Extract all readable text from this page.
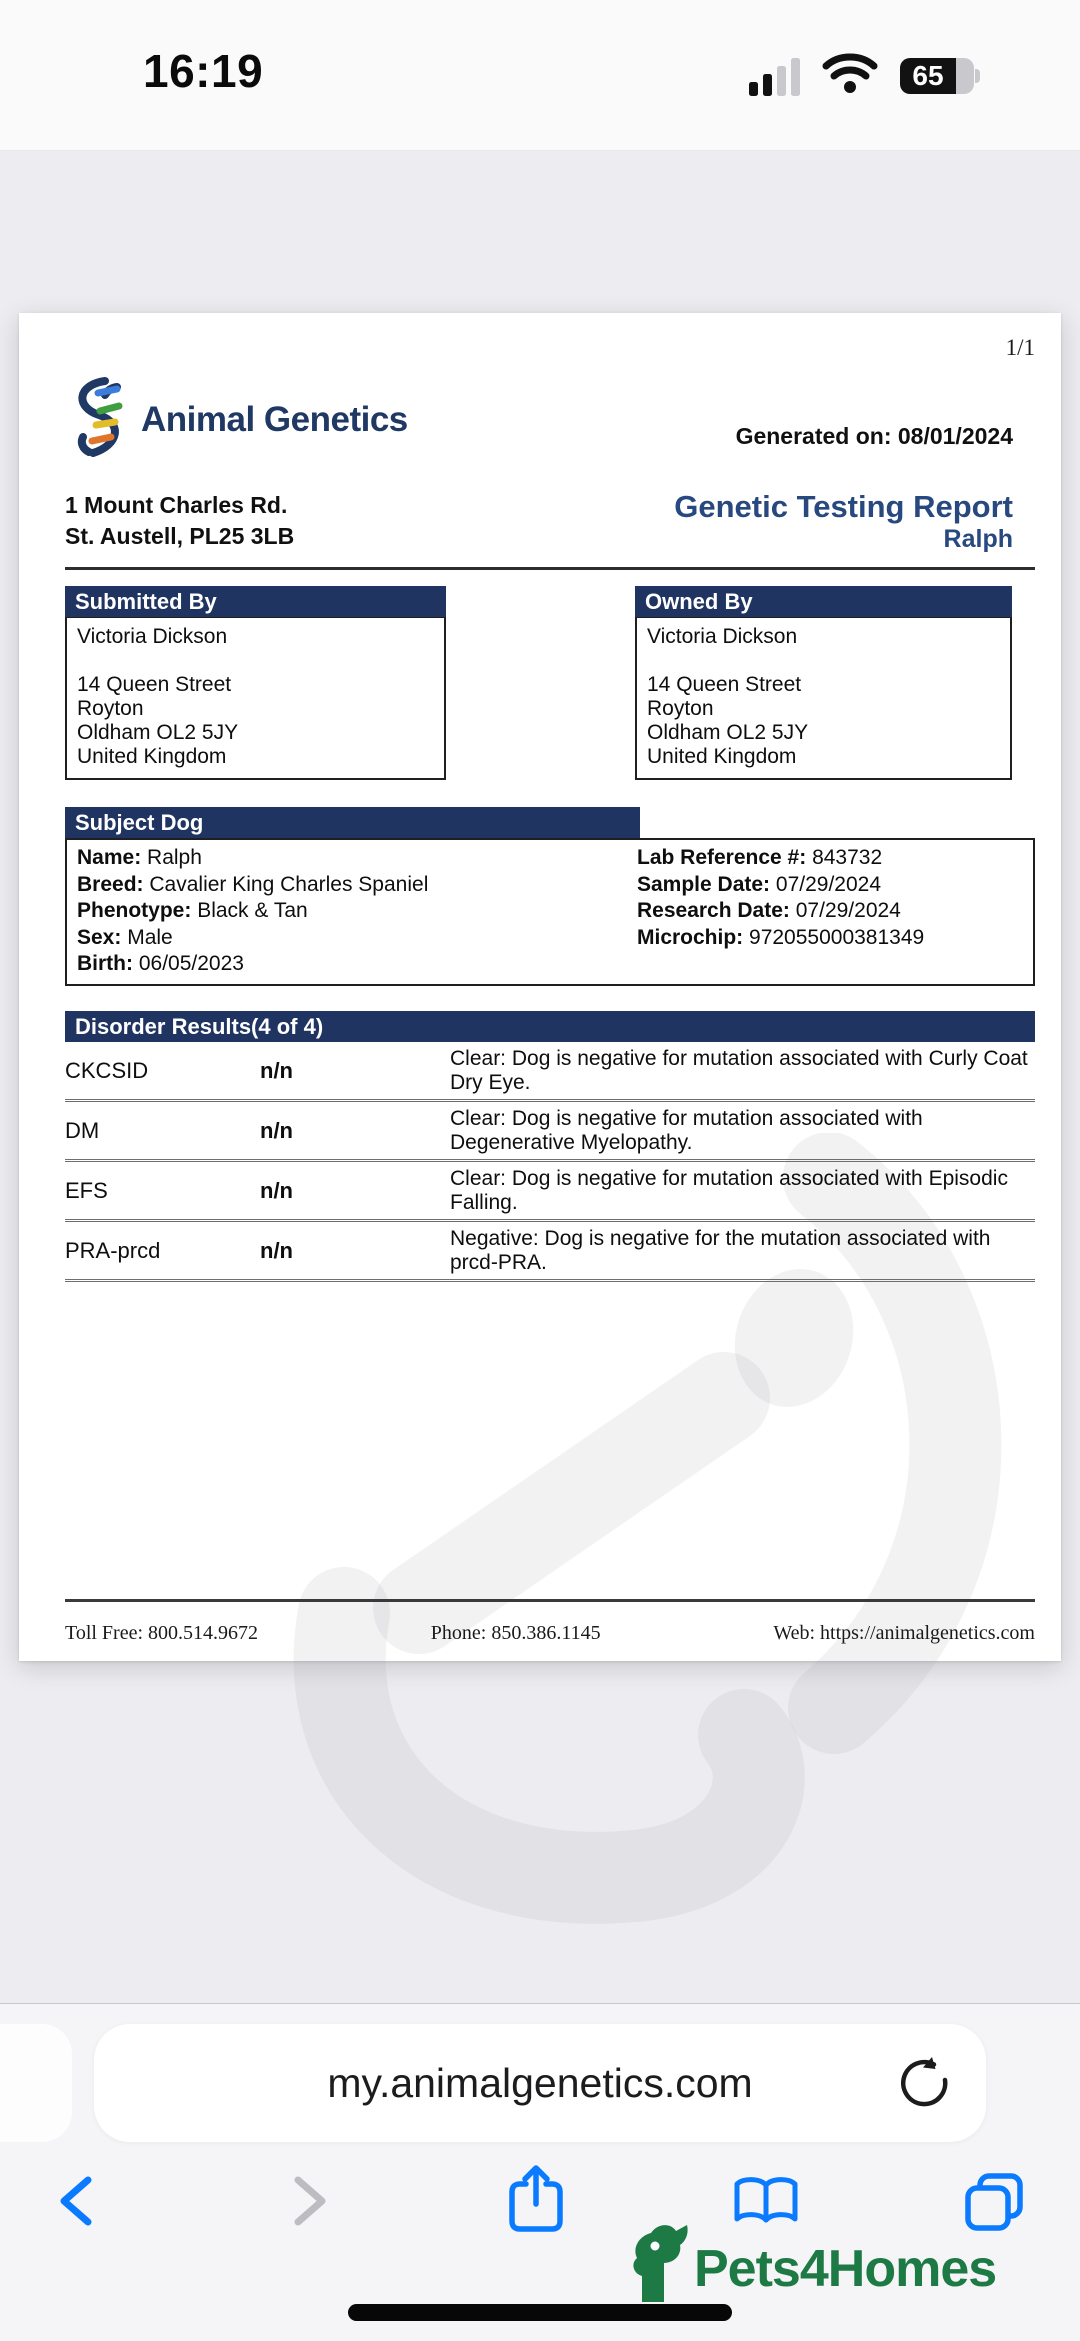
16:19	65
1/1
Animal Genetics	Generated on: 08/01/2024
1 Mount Charles Rd.
St. Austell, PL25 3LB
Genetic Testing Report
Ralph
Submitted By
Victoria Dickson
14 Queen Street
Royton
Oldham OL2 5JY
United Kingdom
Owned By
Victoria Dickson
14 Queen Street
Royton
Oldham OL2 5JY
United Kingdom
Subject Dog
Name: Ralph
Breed: Cavalier King Charles Spaniel
Phenotype: Black & Tan
Sex: Male
Birth: 06/05/2023
Lab Reference #: 843732
Sample Date: 07/29/2024
Research Date: 07/29/2024
Microchip: 972055000381349
Disorder Results(4 of 4)
CKCSID	n/n	Clear: Dog is negative for mutation associated with Curly Coat Dry Eye.
DM	n/n	Clear: Dog is negative for mutation associated with Degenerative Myelopathy.
EFS	n/n	Clear: Dog is negative for mutation associated with Episodic Falling.
PRA-prcd	n/n	Negative: Dog is negative for the mutation associated with prcd-PRA.
Toll Free: 800.514.9672	Phone: 850.386.1145	Web: https://animalgenetics.com
my.animalgenetics.com
Pets4Homes
